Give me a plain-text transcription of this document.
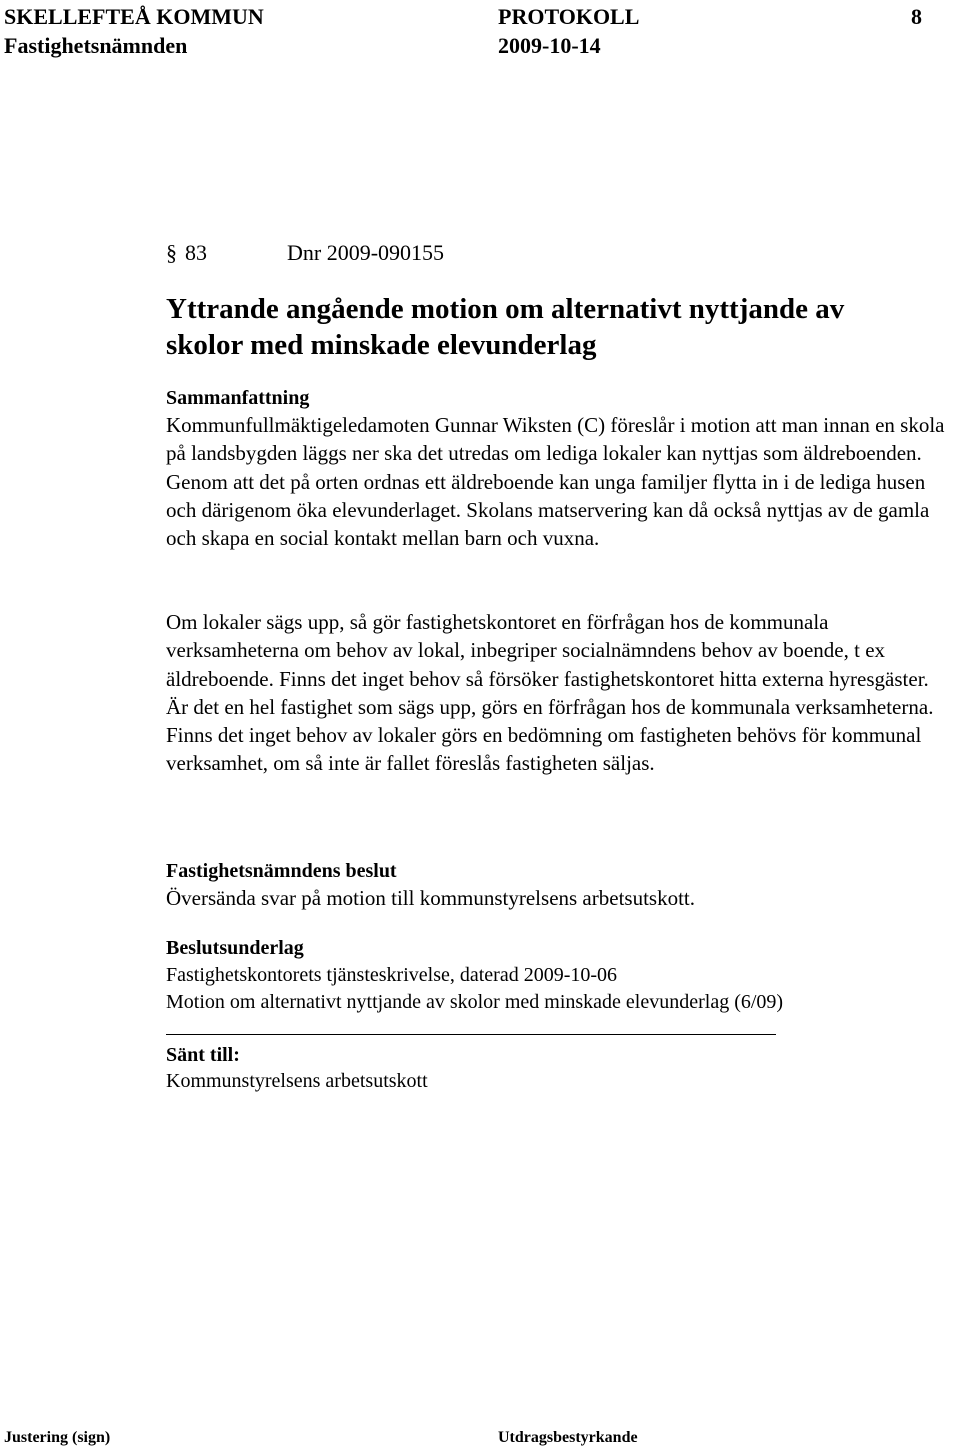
SKELLEFTEÅ KOMMUN	PROTOKOLL	8
Fastighetsnämnden	2009-10-14
§ 83	Dnr 2009-090155
Yttrande angående motion om alternativt nyttjande av skolor med minskade elevunderlag
Sammanfattning

Kommunfullmäktigeledamoten Gunnar Wiksten (C) föreslår i motion att man innan en skola på landsbygden läggs ner ska det utredas om lediga lokaler kan nyttjas som äldreboenden. Genom att det på orten ordnas ett äldreboende kan unga familjer flytta in i de lediga husen och därigenom öka elevunderlaget. Skolans matservering kan då också nyttjas av de gamla och skapa en social kontakt mellan barn och vuxna.

Om lokaler sägs upp, så gör fastighetskontoret en förfrågan hos de kommunala verksamheterna om behov av lokal, inbegriper socialnämndens behov av boende, t ex äldreboende. Finns det inget behov så försöker fastighetskontoret hitta externa hyresgäster. Är det en hel fastighet som sägs upp, görs en förfrågan hos de kommunala verksamheterna. Finns det inget behov av lokaler görs en bedömning om fastigheten behövs för kommunal verksamhet, om så inte är fallet föreslås fastigheten säljas.

Fastighetsnämndens beslut

Översända svar på motion till kommunstyrelsens arbetsutskott.

Beslutsunderlag

Fastighetskontorets tjänsteskrivelse, daterad 2009-10-06

Motion om alternativt nyttjande av skolor med minskade elevunderlag (6/09)

Sänt till:

Kommunstyrelsens arbetsutskott

Justering (sign)	Utdragsbestyrkande
